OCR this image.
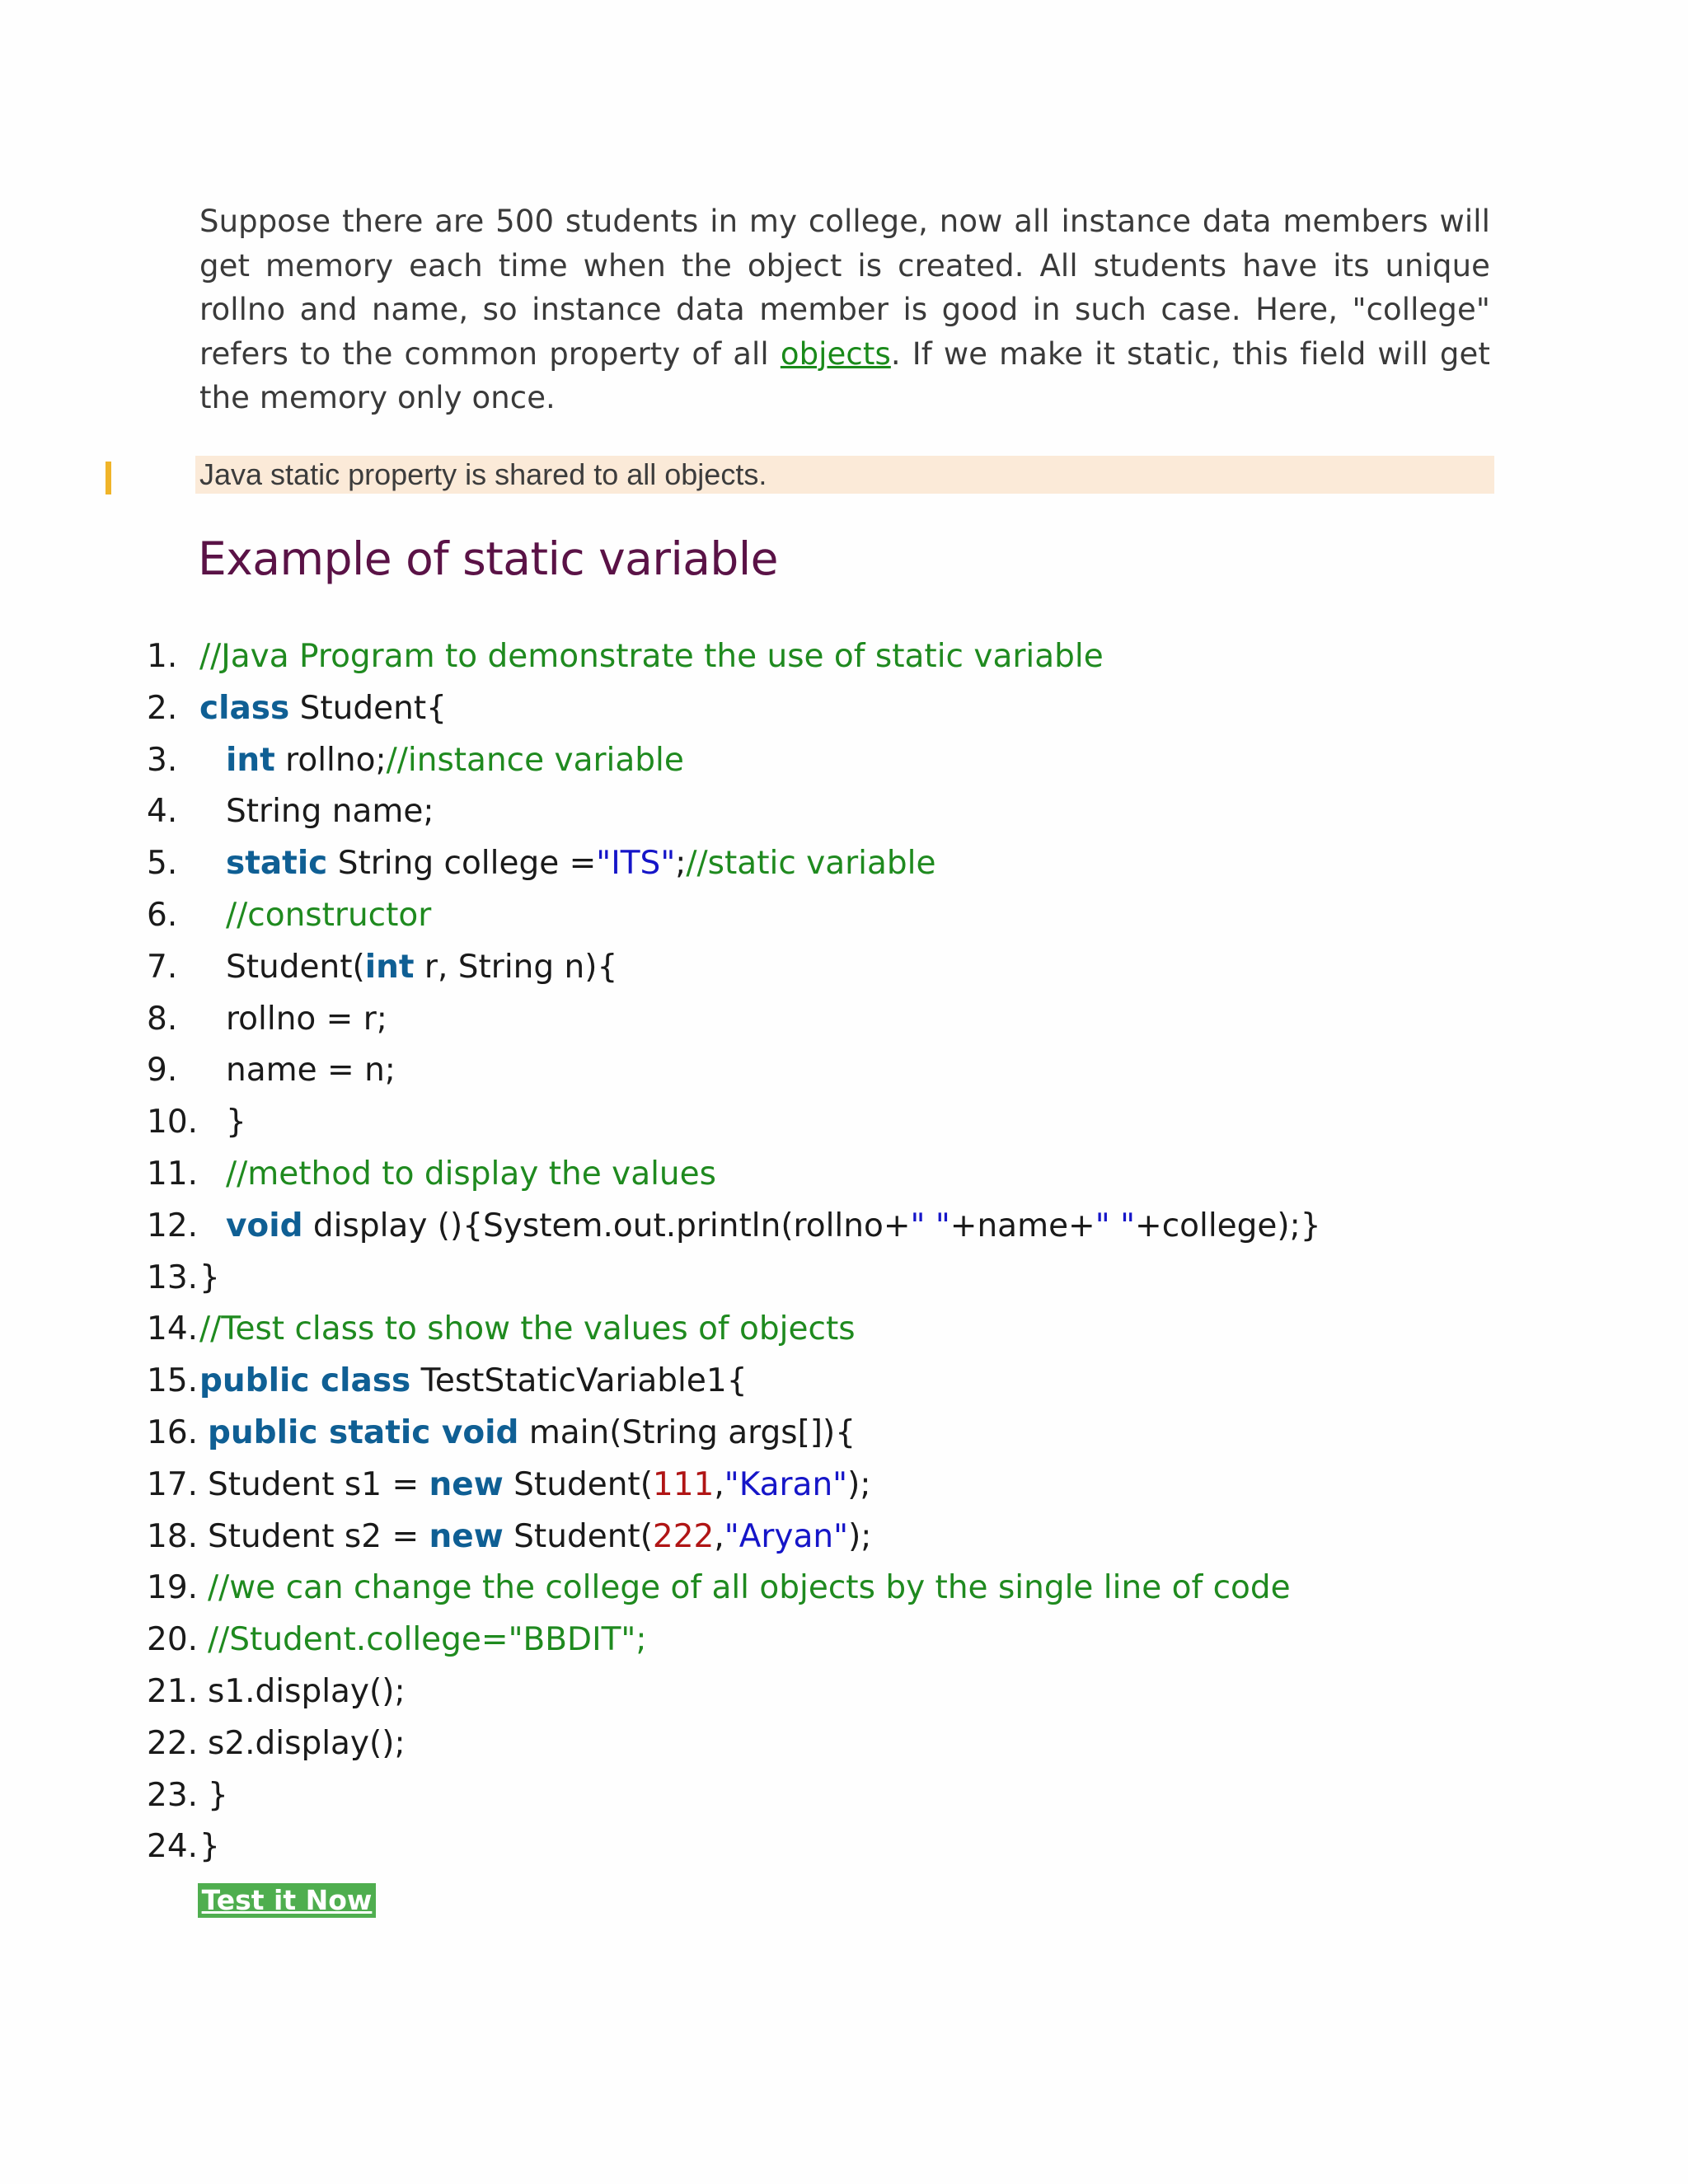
Suppose there are 500 students in my college, now all instance data members will get memory each time when the object is created. All students have its unique rollno and name, so instance data member is good in such case. Here, "college" refers to the common property of all objects. If we make it static, this field will get the memory only once.

Java static property is shared to all objects.
Example of static variable
1. //Java Program to demonstrate the use of static variable
2. class Student{
3. int rollno;//instance variable
4. String name;
5. static String college ="ITS";//static variable
6. //constructor
7. Student(int r, String n){
8. rollno = r;
9. name = n;
10. }
11. //method to display the values
12. void display (){System.out.println(rollno+" "+name+" "+college);}
13. }
14. //Test class to show the values of objects
15. public class TestStaticVariable1{
16. public static void main(String args[]){
17. Student s1 = new Student(111,"Karan");
18. Student s2 = new Student(222,"Aryan");
19. //we can change the college of all objects by the single line of code
20. //Student.college="BBDIT";
21. s1.display();
22. s2.display();
23. }
24. }
Test it Now
